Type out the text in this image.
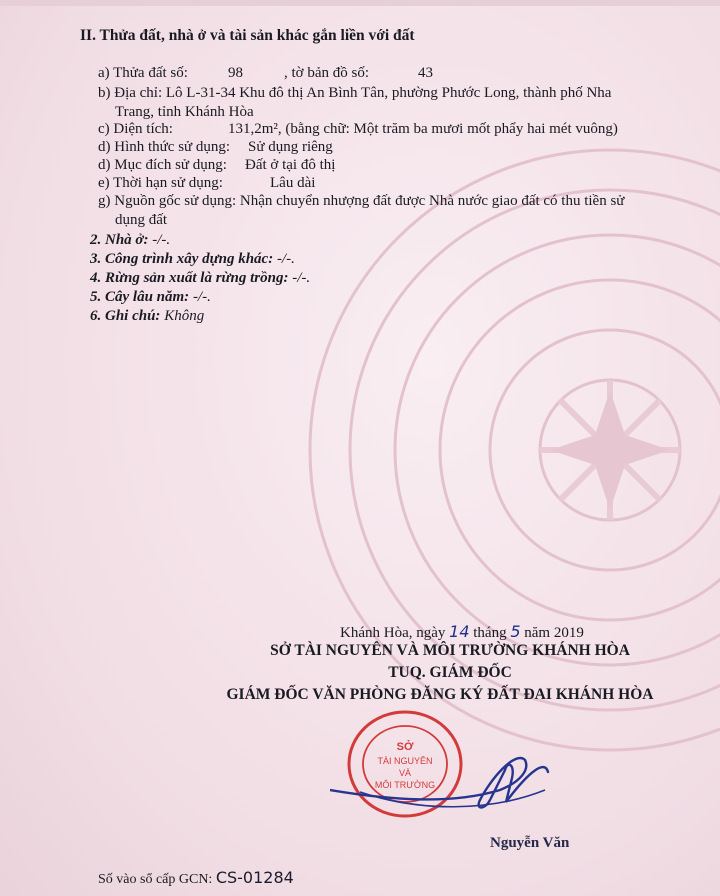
II. Thửa đất, nhà ở và tài sản khác gắn liền với đất
a) Thửa đất số:	98	, tờ bản đồ số:	43
b) Địa chỉ: Lô L-31-34 Khu đô thị An Bình Tân, phường Phước Long, thành phố Nha
Trang, tỉnh Khánh Hòa
c) Diện tích:	131,2m², (bằng chữ: Một trăm ba mươi mốt phẩy hai mét vuông)
d) Hình thức sử dụng: Sử dụng riêng
d) Mục đích sử dụng: Đất ở tại đô thị
e) Thời hạn sử dụng:	Lâu dài
g) Nguồn gốc sử dụng: Nhận chuyển nhượng đất được Nhà nước giao đất có thu tiền sử
dụng đất
2. Nhà ở: -/-.
3. Công trình xây dựng khác: -/-.
4. Rừng sản xuất là rừng trồng: -/-.
5. Cây lâu năm: -/-.
6. Ghi chú: Không
Khánh Hòa, ngày 14 tháng 5 năm 2019
SỞ TÀI NGUYÊN VÀ MÔI TRƯỜNG KHÁNH HÒA
TUQ. GIÁM ĐỐC
GIÁM ĐỐC VĂN PHÒNG ĐĂNG KÝ ĐẤT ĐAI KHÁNH HÒA
SỞ
TÀI NGUYÊN
VÀ
MÔI TRƯỜNG
Nguyễn Văn
Số vào sổ cấp GCN: CS-01284
